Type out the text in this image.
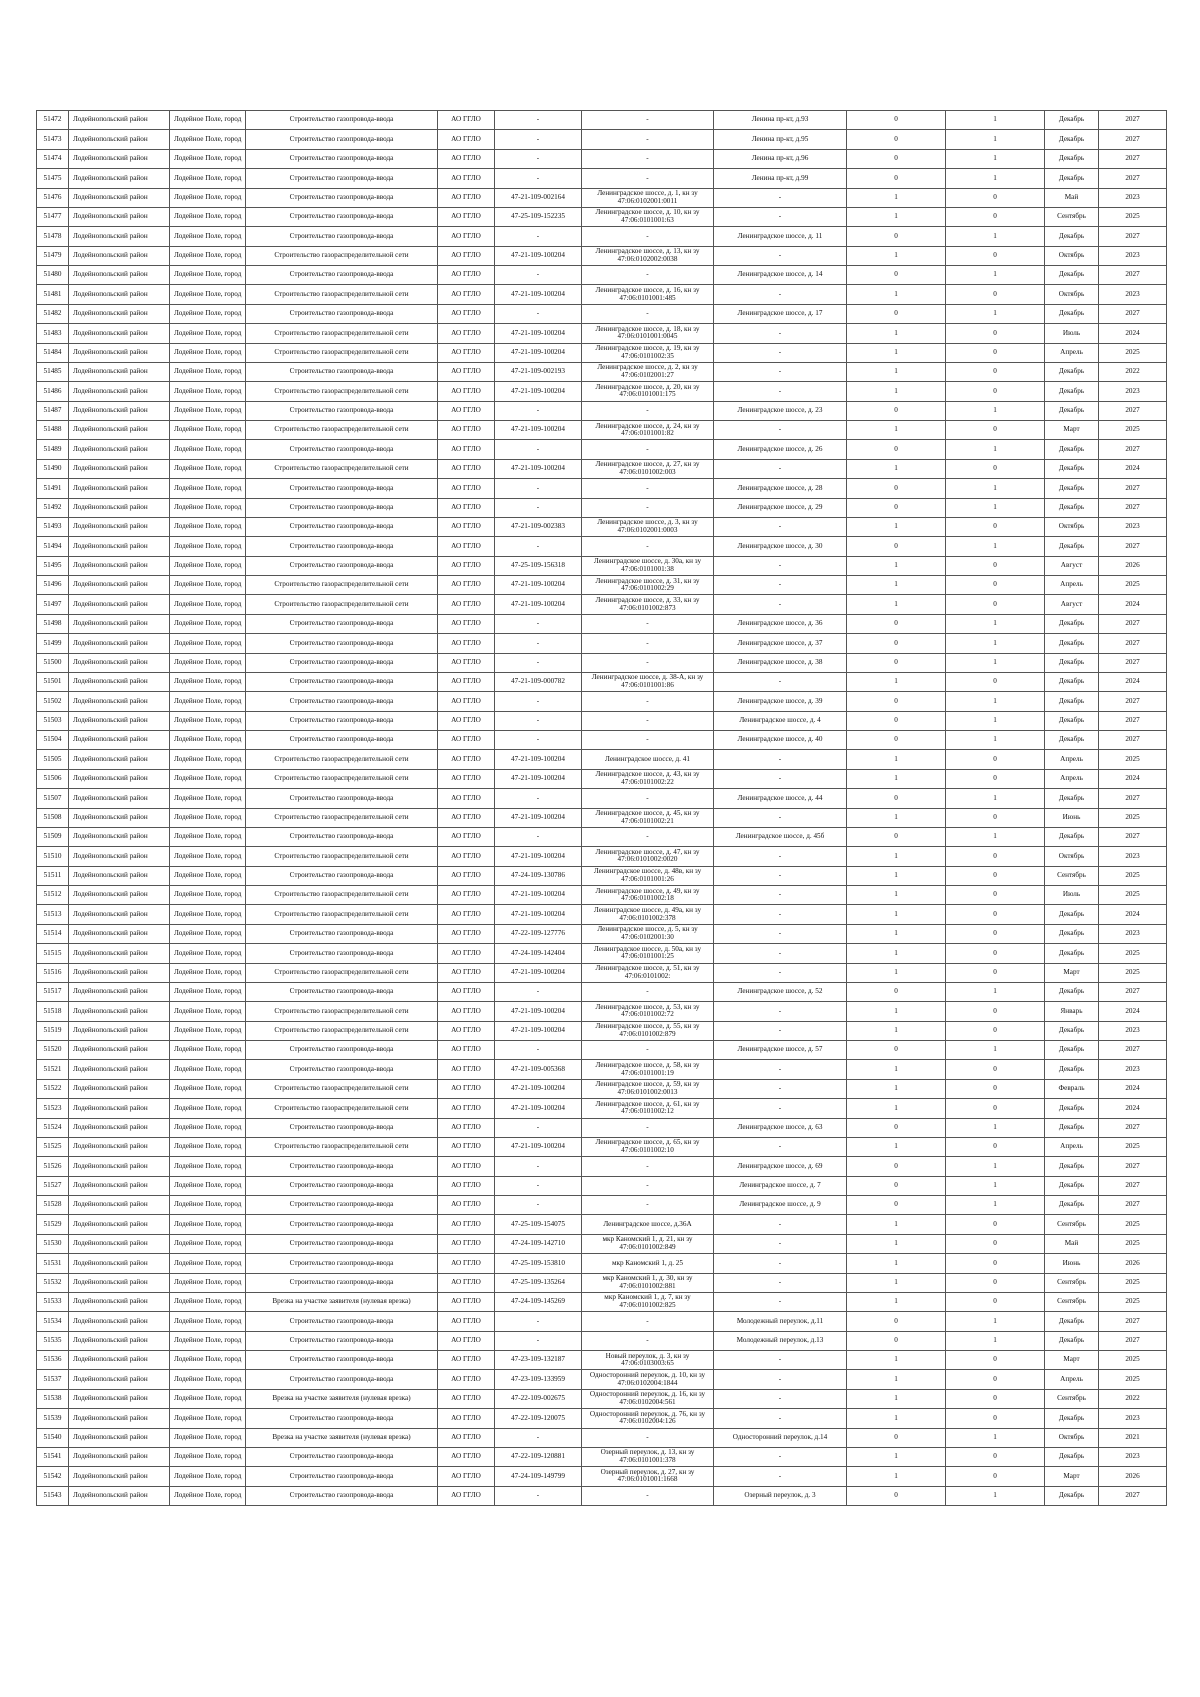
51472	Лодейнопольский район	Лодейное Поле, город	Строительство газопровода-ввода	АО ГГЛО	-	-	Ленина пр-кт, д.93	0	1	Декабрь	2027
51473	Лодейнопольский район	Лодейное Поле, город	Строительство газопровода-ввода	АО ГГЛО	-	-	Ленина пр-кт, д.95	0	1	Декабрь	2027
51474	Лодейнопольский район	Лодейное Поле, город	Строительство газопровода-ввода	АО ГГЛО	-	-	Ленина пр-кт, д.96	0	1	Декабрь	2027
51475	Лодейнопольский район	Лодейное Поле, город	Строительство газопровода-ввода	АО ГГЛО	-	-	Ленина пр-кт, д.99	0	1	Декабрь	2027
51476	Лодейнопольский район	Лодейное Поле, город	Строительство газопровода-ввода	АО ГГЛО	47-21-109-002164	Ленинградское шоссе, д. 1, кн зу 47:06:0102001:0011	-	1	0	Май	2023
51477	Лодейнопольский район	Лодейное Поле, город	Строительство газопровода-ввода	АО ГГЛО	47-25-109-152235	Ленинградское шоссе, д. 10, кн зу 47:06:0101001:63	-	1	0	Сентябрь	2025
51478	Лодейнопольский район	Лодейное Поле, город	Строительство газопровода-ввода	АО ГГЛО	-	-	Ленинградское шоссе, д. 11	0	1	Декабрь	2027
51479	Лодейнопольский район	Лодейное Поле, город	Строительство газораспределительной сети	АО ГГЛО	47-21-109-100204	Ленинградское шоссе, д. 13, кн зу 47:06:0102002:0038	-	1	0	Октябрь	2023
51480	Лодейнопольский район	Лодейное Поле, город	Строительство газопровода-ввода	АО ГГЛО	-	-	Ленинградское шоссе, д. 14	0	1	Декабрь	2027
51481	Лодейнопольский район	Лодейное Поле, город	Строительство газораспределительной сети	АО ГГЛО	47-21-109-100204	Ленинградское шоссе, д. 16, кн зу 47:06:0101001:485	-	1	0	Октябрь	2023
51482	Лодейнопольский район	Лодейное Поле, город	Строительство газопровода-ввода	АО ГГЛО	-	-	Ленинградское шоссе, д. 17	0	1	Декабрь	2027
51483	Лодейнопольский район	Лодейное Поле, город	Строительство газораспределительной сети	АО ГГЛО	47-21-109-100204	Ленинградское шоссе, д. 18, кн зу 47:06:0101001:0045	-	1	0	Июль	2024
51484	Лодейнопольский район	Лодейное Поле, город	Строительство газораспределительной сети	АО ГГЛО	47-21-109-100204	Ленинградское шоссе, д. 19, кн зу 47:06:0101002:35	-	1	0	Апрель	2025
51485	Лодейнопольский район	Лодейное Поле, город	Строительство газопровода-ввода	АО ГГЛО	47-21-109-002193	Ленинградское шоссе, д. 2, кн зу 47:06:0102001:27	-	1	0	Декабрь	2022
51486	Лодейнопольский район	Лодейное Поле, город	Строительство газораспределительной сети	АО ГГЛО	47-21-109-100204	Ленинградское шоссе, д. 20, кн зу 47:06:0101001:175	-	1	0	Декабрь	2023
51487	Лодейнопольский район	Лодейное Поле, город	Строительство газопровода-ввода	АО ГГЛО	-	-	Ленинградское шоссе, д. 23	0	1	Декабрь	2027
51488	Лодейнопольский район	Лодейное Поле, город	Строительство газораспределительной сети	АО ГГЛО	47-21-109-100204	Ленинградское шоссе, д. 24, кн зу 47:06:0101001:82	-	1	0	Март	2025
51489	Лодейнопольский район	Лодейное Поле, город	Строительство газопровода-ввода	АО ГГЛО	-	-	Ленинградское шоссе, д. 26	0	1	Декабрь	2027
51490	Лодейнопольский район	Лодейное Поле, город	Строительство газораспределительной сети	АО ГГЛО	47-21-109-100204	Ленинградское шоссе, д. 27, кн зу 47:06:0101002:003	-	1	0	Декабрь	2024
51491	Лодейнопольский район	Лодейное Поле, город	Строительство газопровода-ввода	АО ГГЛО	-	-	Ленинградское шоссе, д. 28	0	1	Декабрь	2027
51492	Лодейнопольский район	Лодейное Поле, город	Строительство газопровода-ввода	АО ГГЛО	-	-	Ленинградское шоссе, д. 29	0	1	Декабрь	2027
51493	Лодейнопольский район	Лодейное Поле, город	Строительство газопровода-ввода	АО ГГЛО	47-21-109-002383	Ленинградское шоссе, д. 3, кн зу 47:06:0102001:0003	-	1	0	Октябрь	2023
51494	Лодейнопольский район	Лодейное Поле, город	Строительство газопровода-ввода	АО ГГЛО	-	-	Ленинградское шоссе, д. 30	0	1	Декабрь	2027
51495	Лодейнопольский район	Лодейное Поле, город	Строительство газопровода-ввода	АО ГГЛО	47-25-109-156318	Ленинградское шоссе, д. 30а, кн зу 47:06:0101001:38	-	1	0	Август	2026
51496	Лодейнопольский район	Лодейное Поле, город	Строительство газораспределительной сети	АО ГГЛО	47-21-109-100204	Ленинградское шоссе, д. 31, кн зу 47:06:0101002:29	-	1	0	Апрель	2025
51497	Лодейнопольский район	Лодейное Поле, город	Строительство газораспределительной сети	АО ГГЛО	47-21-109-100204	Ленинградское шоссе, д. 33, кн зу 47:06:0101002:873	-	1	0	Август	2024
51498	Лодейнопольский район	Лодейное Поле, город	Строительство газопровода-ввода	АО ГГЛО	-	-	Ленинградское шоссе, д. 36	0	1	Декабрь	2027
51499	Лодейнопольский район	Лодейное Поле, город	Строительство газопровода-ввода	АО ГГЛО	-	-	Ленинградское шоссе, д. 37	0	1	Декабрь	2027
51500	Лодейнопольский район	Лодейное Поле, город	Строительство газопровода-ввода	АО ГГЛО	-	-	Ленинградское шоссе, д. 38	0	1	Декабрь	2027
51501	Лодейнопольский район	Лодейное Поле, город	Строительство газопровода-ввода	АО ГГЛО	47-21-109-000782	Ленинградское шоссе, д. 38-А, кн зу 47:06:0101001:86	-	1	0	Декабрь	2024
51502	Лодейнопольский район	Лодейное Поле, город	Строительство газопровода-ввода	АО ГГЛО	-	-	Ленинградское шоссе, д. 39	0	1	Декабрь	2027
51503	Лодейнопольский район	Лодейное Поле, город	Строительство газопровода-ввода	АО ГГЛО	-	-	Ленинградское шоссе, д. 4	0	1	Декабрь	2027
51504	Лодейнопольский район	Лодейное Поле, город	Строительство газопровода-ввода	АО ГГЛО	-	-	Ленинградское шоссе, д. 40	0	1	Декабрь	2027
51505	Лодейнопольский район	Лодейное Поле, город	Строительство газораспределительной сети	АО ГГЛО	47-21-109-100204	Ленинградское шоссе, д. 41	-	1	0	Апрель	2025
51506	Лодейнопольский район	Лодейное Поле, город	Строительство газораспределительной сети	АО ГГЛО	47-21-109-100204	Ленинградское шоссе, д. 43, кн зу 47:06:0101002:22	-	1	0	Апрель	2024
51507	Лодейнопольский район	Лодейное Поле, город	Строительство газопровода-ввода	АО ГГЛО	-	-	Ленинградское шоссе, д. 44	0	1	Декабрь	2027
51508	Лодейнопольский район	Лодейное Поле, город	Строительство газораспределительной сети	АО ГГЛО	47-21-109-100204	Ленинградское шоссе, д. 45, кн зу 47:06:0101002:21	-	1	0	Июнь	2025
51509	Лодейнопольский район	Лодейное Поле, город	Строительство газопровода-ввода	АО ГГЛО	-	-	Ленинградское шоссе, д. 45б	0	1	Декабрь	2027
51510	Лодейнопольский район	Лодейное Поле, город	Строительство газораспределительной сети	АО ГГЛО	47-21-109-100204	Ленинградское шоссе, д. 47, кн зу 47:06:0101002:0020	-	1	0	Октябрь	2023
51511	Лодейнопольский район	Лодейное Поле, город	Строительство газопровода-ввода	АО ГГЛО	47-24-109-130786	Ленинградское шоссе, д. 48в, кн зу 47:06:0101001:26	-	1	0	Сентябрь	2025
51512	Лодейнопольский район	Лодейное Поле, город	Строительство газораспределительной сети	АО ГГЛО	47-21-109-100204	Ленинградское шоссе, д. 49, кн зу 47:06:0101002:18	-	1	0	Июль	2025
51513	Лодейнопольский район	Лодейное Поле, город	Строительство газораспределительной сети	АО ГГЛО	47-21-109-100204	Ленинградское шоссе, д. 49а, кн зу 47:06:0101002:378	-	1	0	Декабрь	2024
51514	Лодейнопольский район	Лодейное Поле, город	Строительство газопровода-ввода	АО ГГЛО	47-22-109-127776	Ленинградское шоссе, д. 5, кн зу 47:06:0102001:30	-	1	0	Декабрь	2023
51515	Лодейнопольский район	Лодейное Поле, город	Строительство газопровода-ввода	АО ГГЛО	47-24-109-142404	Ленинградское шоссе, д. 50а, кн зу 47:06:0101001:25	-	1	0	Декабрь	2025
51516	Лодейнопольский район	Лодейное Поле, город	Строительство газораспределительной сети	АО ГГЛО	47-21-109-100204	Ленинградское шоссе, д. 51, кн зу 47:06:0101002:	-	1	0	Март	2025
51517	Лодейнопольский район	Лодейное Поле, город	Строительство газопровода-ввода	АО ГГЛО	-	-	Ленинградское шоссе, д. 52	0	1	Декабрь	2027
51518	Лодейнопольский район	Лодейное Поле, город	Строительство газораспределительной сети	АО ГГЛО	47-21-109-100204	Ленинградское шоссе, д. 53, кн зу 47:06:0101002:72	-	1	0	Январь	2024
51519	Лодейнопольский район	Лодейное Поле, город	Строительство газораспределительной сети	АО ГГЛО	47-21-109-100204	Ленинградское шоссе, д. 55, кн зу 47:06:0101002:879	-	1	0	Декабрь	2023
51520	Лодейнопольский район	Лодейное Поле, город	Строительство газопровода-ввода	АО ГГЛО	-	-	Ленинградское шоссе, д. 57	0	1	Декабрь	2027
51521	Лодейнопольский район	Лодейное Поле, город	Строительство газопровода-ввода	АО ГГЛО	47-21-109-005368	Ленинградское шоссе, д. 58, кн зу 47:06:0101001:19	-	1	0	Декабрь	2023
51522	Лодейнопольский район	Лодейное Поле, город	Строительство газораспределительной сети	АО ГГЛО	47-21-109-100204	Ленинградское шоссе, д. 59, кн зу 47:06:0101002:0013	-	1	0	Февраль	2024
51523	Лодейнопольский район	Лодейное Поле, город	Строительство газораспределительной сети	АО ГГЛО	47-21-109-100204	Ленинградское шоссе, д. 61, кн зу 47:06:0101002:12	-	1	0	Декабрь	2024
51524	Лодейнопольский район	Лодейное Поле, город	Строительство газопровода-ввода	АО ГГЛО	-	-	Ленинградское шоссе, д. 63	0	1	Декабрь	2027
51525	Лодейнопольский район	Лодейное Поле, город	Строительство газораспределительной сети	АО ГГЛО	47-21-109-100204	Ленинградское шоссе, д. 65, кн зу 47:06:0101002:10	-	1	0	Апрель	2025
51526	Лодейнопольский район	Лодейное Поле, город	Строительство газопровода-ввода	АО ГГЛО	-	-	Ленинградское шоссе, д. 69	0	1	Декабрь	2027
51527	Лодейнопольский район	Лодейное Поле, город	Строительство газопровода-ввода	АО ГГЛО	-	-	Ленинградское шоссе, д. 7	0	1	Декабрь	2027
51528	Лодейнопольский район	Лодейное Поле, город	Строительство газопровода-ввода	АО ГГЛО	-	-	Ленинградское шоссе, д. 9	0	1	Декабрь	2027
51529	Лодейнопольский район	Лодейное Поле, город	Строительство газопровода-ввода	АО ГГЛО	47-25-109-154075	Ленинградское шоссе, д.36А	-	1	0	Сентябрь	2025
51530	Лодейнопольский район	Лодейное Поле, город	Строительство газопровода-ввода	АО ГГЛО	47-24-109-142710	мкр Каномский 1, д. 21, кн зу 47:06:0101002:849	-	1	0	Май	2025
51531	Лодейнопольский район	Лодейное Поле, город	Строительство газопровода-ввода	АО ГГЛО	47-25-109-153810	мкр Каномский 1, д. 25	-	1	0	Июнь	2026
51532	Лодейнопольский район	Лодейное Поле, город	Строительство газопровода-ввода	АО ГГЛО	47-25-109-135264	мкр Каномский 1, д. 30, кн зу 47:06:0101002:881	-	1	0	Сентябрь	2025
51533	Лодейнопольский район	Лодейное Поле, город	Врезка на участке заявителя (нулевая врезка)	АО ГГЛО	47-24-109-145269	мкр Каномский 1, д. 7, кн зу 47:06:0101002:825	-	1	0	Сентябрь	2025
51534	Лодейнопольский район	Лодейное Поле, город	Строительство газопровода-ввода	АО ГГЛО	-	-	Молодежный переулок, д.11	0	1	Декабрь	2027
51535	Лодейнопольский район	Лодейное Поле, город	Строительство газопровода-ввода	АО ГГЛО	-	-	Молодежный переулок, д.13	0	1	Декабрь	2027
51536	Лодейнопольский район	Лодейное Поле, город	Строительство газопровода-ввода	АО ГГЛО	47-23-109-132187	Новый переулок, д. 3, кн зу 47:06:0103003:65	-	1	0	Март	2025
51537	Лодейнопольский район	Лодейное Поле, город	Строительство газопровода-ввода	АО ГГЛО	47-23-109-133959	Односторонний переулок, д. 10, кн зу 47:06:0102004:1844	-	1	0	Апрель	2025
51538	Лодейнопольский район	Лодейное Поле, город	Врезка на участке заявителя (нулевая врезка)	АО ГГЛО	47-22-109-002675	Односторонний переулок, д. 16, кн зу 47:06:0102004:561	-	1	0	Сентябрь	2022
51539	Лодейнопольский район	Лодейное Поле, город	Строительство газопровода-ввода	АО ГГЛО	47-22-109-120075	Односторонний переулок, д. 76, кн зу 47:06:0102004:126	-	1	0	Декабрь	2023
51540	Лодейнопольский район	Лодейное Поле, город	Врезка на участке заявителя (нулевая врезка)	АО ГГЛО	-	-	Односторонний переулок, д.14	0	1	Октябрь	2021
51541	Лодейнопольский район	Лодейное Поле, город	Строительство газопровода-ввода	АО ГГЛО	47-22-109-120881	Озерный переулок, д. 13, кн зу 47:06:0101001:378	-	1	0	Декабрь	2023
51542	Лодейнопольский район	Лодейное Поле, город	Строительство газопровода-ввода	АО ГГЛО	47-24-109-149799	Озерный переулок, д. 27, кн зу 47:06:0101001:1668	-	1	0	Март	2026
51543	Лодейнопольский район	Лодейное Поле, город	Строительство газопровода-ввода	АО ГГЛО	-	-	Озерный переулок, д. 3	0	1	Декабрь	2027
